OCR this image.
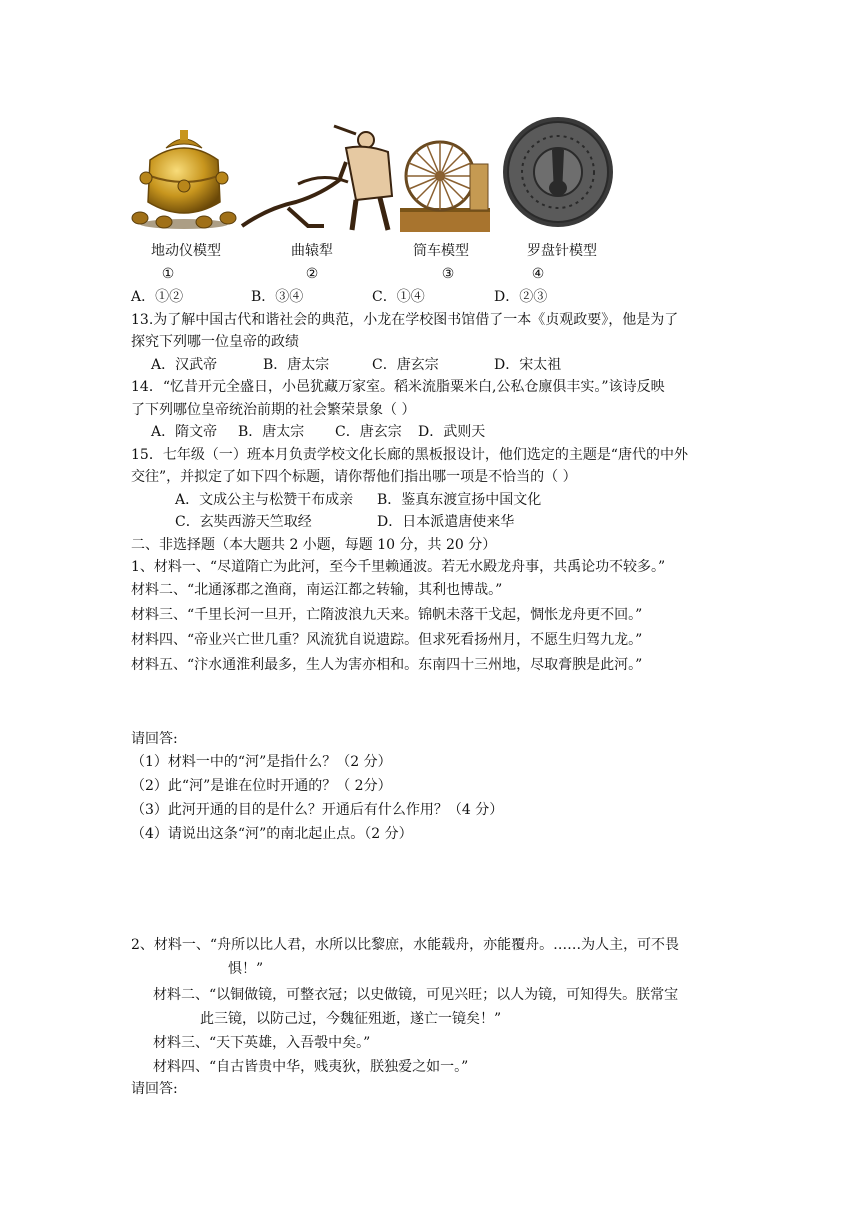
地动仪模型	曲辕犁	筒车模型	罗盘针模型
①	②	③	④
A．①②	B．③④	C．①④	D．②③
13.为了解中国古代和谐社会的典范，小龙在学校图书馆借了一本《贞观政要》，他是为了
探究下列哪一位皇帝的政绩
A．汉武帝	B．唐太宗	C．唐玄宗	D．宋太祖
14．“忆昔开元全盛日，小邑犹藏万家室。稻米流脂粟米白,公私仓廪俱丰实。”该诗反映
了下列哪位皇帝统治前期的社会繁荣景象（ ）
A．隋文帝 B．唐太宗 C．唐玄宗 D．武则天
15．七年级（一）班本月负责学校文化长廊的黑板报设计，他们选定的主题是“唐代的中外
交往”，并拟定了如下四个标题，请你帮他们指出哪一项是不恰当的（ ）
A．文成公主与松赞干布成亲 B．鉴真东渡宣扬中国文化
C．玄奘西游天竺取经	D．日本派遣唐使来华
二、非选择题（本大题共 2 小题，每题 10 分，共 20 分）
1、材料一、“尽道隋亡为此河，至今千里赖通波。若无水殿龙舟事，共禹论功不较多。”
材料二、“北通涿郡之渔商，南运江都之转输，其利也博哉。”
材料三、“千里长河一旦开，亡隋波浪九天来。锦帆未落干戈起，惆怅龙舟更不回。”
材料四、“帝业兴亡世几重？风流犹自说遗踪。但求死看扬州月，不愿生归驾九龙。”
材料五、“汴水通淮利最多，生人为害亦相和。东南四十三州地，尽取膏腴是此河。”
请回答:
（1）材料一中的“河”是指什么？（2 分）
（2）此“河”是谁在位时开通的？（ 2分）
（3）此河开通的目的是什么？开通后有什么作用？（4 分）
（4）请说出这条“河”的南北起止点。（2 分）
2、材料一、“舟所以比人君，水所以比黎庶，水能载舟，亦能覆舟。……为人主，可不畏
惧！”
材料二、“以铜做镜，可整衣冠；以史做镜，可见兴旺；以人为镜，可知得失。朕常宝
此三镜，以防己过，今魏征殂逝，遂亡一镜矣！”
材料三、“天下英雄，入吾彀中矣。”
材料四、“自古皆贵中华，贱夷狄，朕独爱之如一。”
请回答:
